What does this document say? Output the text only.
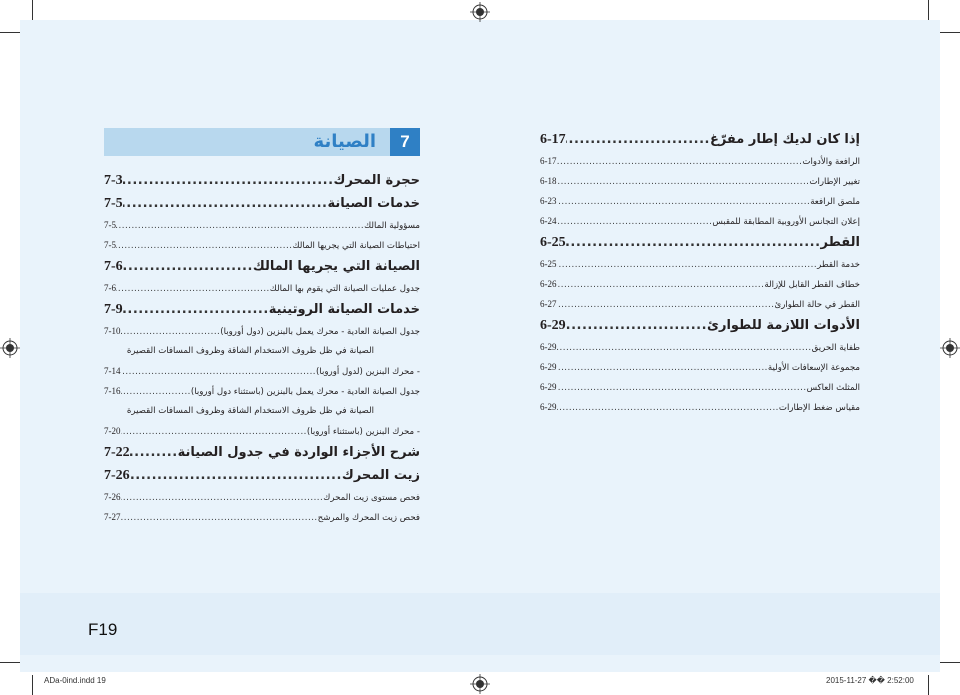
إذا كان لديك إطار مفرّغ
.....
6-17
الرافعة والأدوات
.....
6-17
تغيير الإطارات
.....
6-18
ملصق الرافعة
.....
6-23
إعلان التجانس الأوروبية المطابقة للمقبس
.....
6-24
القطر
.....
6-25
خدمة القطر
.....
6-25
خطاف القطر القابل للإزالة
.....
6-26
القطر في حالة الطوارئ
.....
6-27
الأدوات اللازمة للطوارئ
.....
6-29
طفاية الحريق
.....
6-29
مجموعة الإسعافات الأولية
.....
6-29
المثلث العاكس
.....
6-29
مقياس ضغط الإطارات
.....
6-29
7
الصيانة
حجرة المحرك
.....
7-3
خدمات الصيانة
.....
7-5
مسؤولية المالك
.....
7-5
احتياطات الصيانة التي يجريها المالك
.....
7-5
الصيانة التي يجريها المالك
.....
7-6
جدول عمليات الصيانة التي يقوم بها المالك
.....
7-6
خدمات الصيانة الروتينية
.....
7-9
جدول الصيانة العادية - محرك يعمل بالبنزين (دول أوروبا)
.....
7-10
الصيانة في ظل ظروف الاستخدام الشاقة وظروف المسافات القصيرة
- محرك البنزين (لدول أوروبا)
.....
7-14
جدول الصيانة العادية - محرك يعمل بالبنزين (باستثناء دول أوروبا)
.....
7-16
الصيانة في ظل ظروف الاستخدام الشاقة وظروف المسافات القصيرة
- محرك البنزين (باستثناء أوروبا)
.....
7-20
شرح الأجزاء الواردة في جدول الصيانة
.....
7-22
زيت المحرك
.....
7-26
فحص مستوى زيت المحرك
.....
7-26
فحص زيت المحرك والمرشح
.....
7-27
F19
ADa-0ind.indd 19	2015-11-27 �� 2:52:00
